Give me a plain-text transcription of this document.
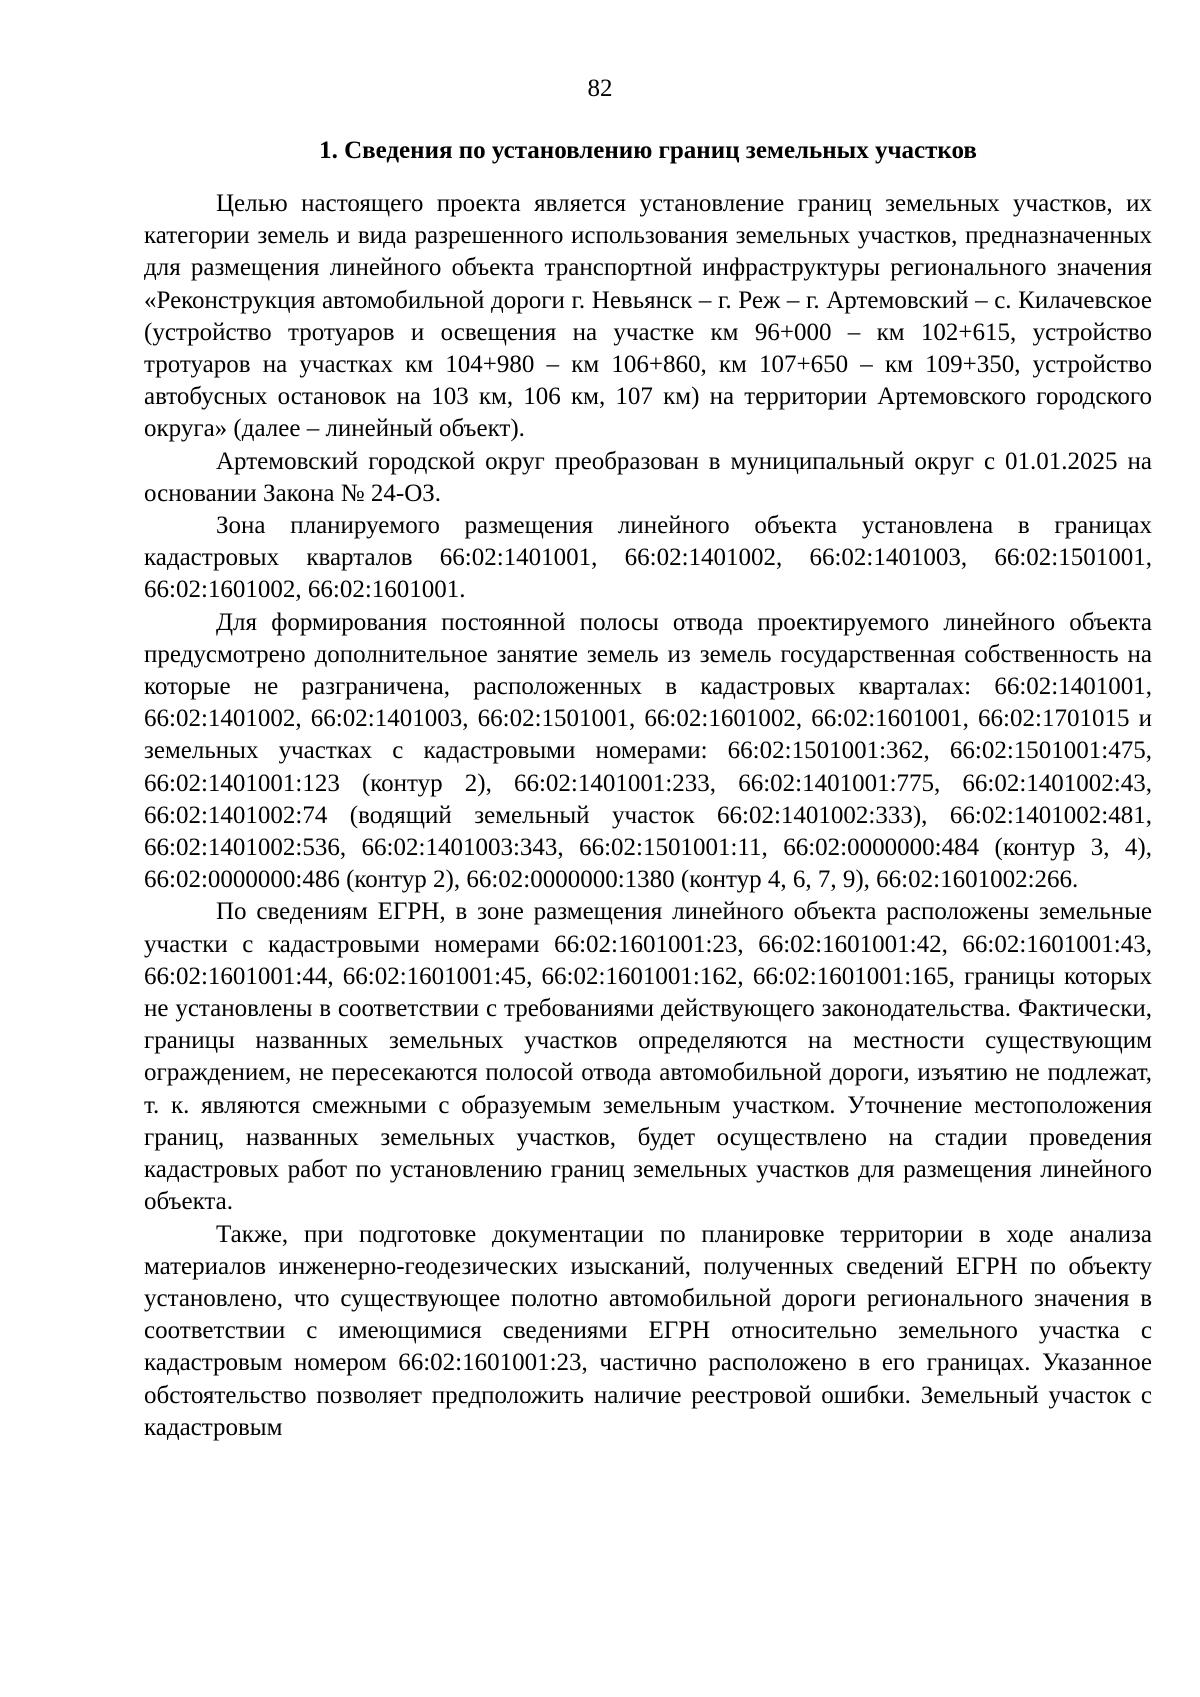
82
1. Сведения по установлению границ земельных участков

Целью настоящего проекта является установление границ земельных участков, их категории земель и вида разрешенного использования земельных участков, предназначенных для размещения линейного объекта транспортной инфраструктуры регионального значения «Реконструкция автомобильной дороги г. Невьянск – г. Реж – г. Артемовский – с. Килачевское (устройство тротуаров и освещения на участке км 96+000 – км 102+615, устройство тротуаров на участках км 104+980 – км 106+860, км 107+650 – км 109+350, устройство автобусных остановок на 103 км, 106 км, 107 км) на территории Артемовского городского округа» (далее – линейный объект).

Артемовский городской округ преобразован в муниципальный округ с 01.01.2025 на основании Закона № 24-ОЗ.

Зона планируемого размещения линейного объекта установлена в границах кадастровых кварталов 66:02:1401001, 66:02:1401002, 66:02:1401003, 66:02:1501001, 66:02:1601002, 66:02:1601001.

Для формирования постоянной полосы отвода проектируемого линейного объекта предусмотрено дополнительное занятие земель из земель государственная собственность на которые не разграничена, расположенных в кадастровых кварталах: 66:02:1401001, 66:02:1401002, 66:02:1401003, 66:02:1501001, 66:02:1601002, 66:02:1601001, 66:02:1701015 и земельных участках с кадастровыми номерами: 66:02:1501001:362, 66:02:1501001:475, 66:02:1401001:123 (контур 2), 66:02:1401001:233, 66:02:1401001:775, 66:02:1401002:43, 66:02:1401002:74 (водящий земельный участок 66:02:1401002:333), 66:02:1401002:481, 66:02:1401002:536, 66:02:1401003:343, 66:02:1501001:11, 66:02:0000000:484 (контур 3, 4), 66:02:0000000:486 (контур 2), 66:02:0000000:1380 (контур 4, 6, 7, 9), 66:02:1601002:266.

По сведениям ЕГРН, в зоне размещения линейного объекта расположены земельные участки с кадастровыми номерами 66:02:1601001:23, 66:02:1601001:42, 66:02:1601001:43, 66:02:1601001:44, 66:02:1601001:45, 66:02:1601001:162, 66:02:1601001:165, границы которых не установлены в соответствии с требованиями действующего законодательства. Фактически, границы названных земельных участков определяются на местности существующим ограждением, не пересекаются полосой отвода автомобильной дороги, изъятию не подлежат, т. к. являются смежными с образуемым земельным участком. Уточнение местоположения границ, названных земельных участков, будет осуществлено на стадии проведения кадастровых работ по установлению границ земельных участков для размещения линейного объекта.

Также, при подготовке документации по планировке территории в ходе анализа материалов инженерно-геодезических изысканий, полученных сведений ЕГРН по объекту установлено, что существующее полотно автомобильной дороги регионального значения в соответствии с имеющимися сведениями ЕГРН относительно земельного участка с кадастровым номером 66:02:1601001:23, частично расположено в его границах. Указанное обстоятельство позволяет предположить наличие реестровой ошибки. Земельный участок с кадастровым
